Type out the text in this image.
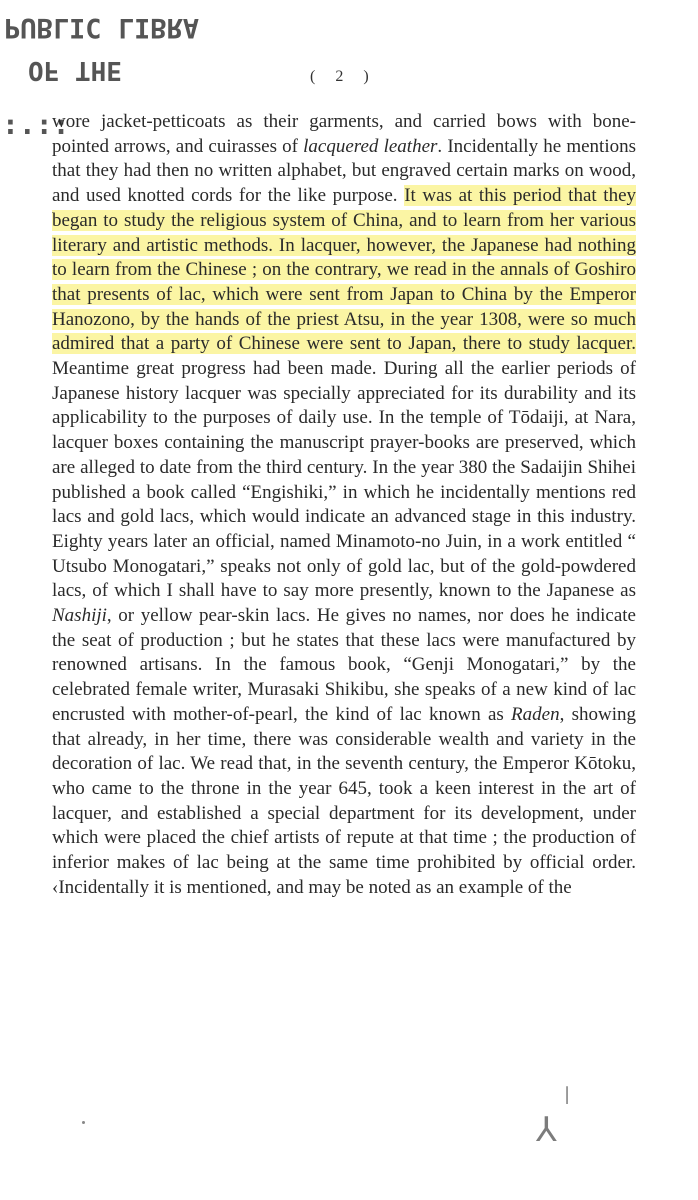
PUBLIC LIBRA
OF THE
:.::
( 2 )
wore jacket-petticoats as their garments, and carried bows with bone-pointed arrows, and cuirasses of lacquered leather. Incidentally he mentions that they had then no written alphabet, but engraved certain marks on wood, and used knotted cords for the like purpose. It was at this period that they began to study the religious system of China, and to learn from her various literary and artistic methods. In lacquer, however, the Japanese had nothing to learn from the Chinese ; on the contrary, we read in the annals of Goshiro that presents of lac, which were sent from Japan to China by the Emperor Hanozono, by the hands of the priest Atsu, in the year 1308, were so much admired that a party of Chinese were sent to Japan, there to study lacquer. Meantime great progress had been made. During all the earlier periods of Japanese history lacquer was specially appreciated for its durability and its applicability to the purposes of daily use. In the temple of Tōdaiji, at Nara, lacquer boxes containing the manuscript prayer-books are preserved, which are alleged to date from the third century. In the year 380 the Sadaijin Shihei published a book called “Engishiki,” in which he incidentally mentions red lacs and gold lacs, which would indicate an advanced stage in this industry. Eighty years later an official, named Minamoto-no Juin, in a work entitled “ Utsubo Monogatari,” speaks not only of gold lac, but of the gold-powdered lacs, of which I shall have to say more presently, known to the Japanese as Nashiji, or yellow pear-skin lacs. He gives no names, nor does he indicate the seat of production ; but he states that these lacs were manufactured by renowned artisans. In the famous book, “Genji Monogatari,” by the celebrated female writer, Murasaki Shikibu, she speaks of a new kind of lac encrusted with mother-of-pearl, the kind of lac known as Raden, showing that already, in her time, there was considerable wealth and variety in the decoration of lac. We read that, in the seventh century, the Emperor Kōtoku, who came to the throne in the year 645, took a keen interest in the art of lacquer, and established a special department for its development, under which were placed the chief artists of repute at that time ; the production of inferior makes of lac being at the same time prohibited by official order. ‹Incidentally it is mentioned, and may be noted as an example of the
|
⅄
